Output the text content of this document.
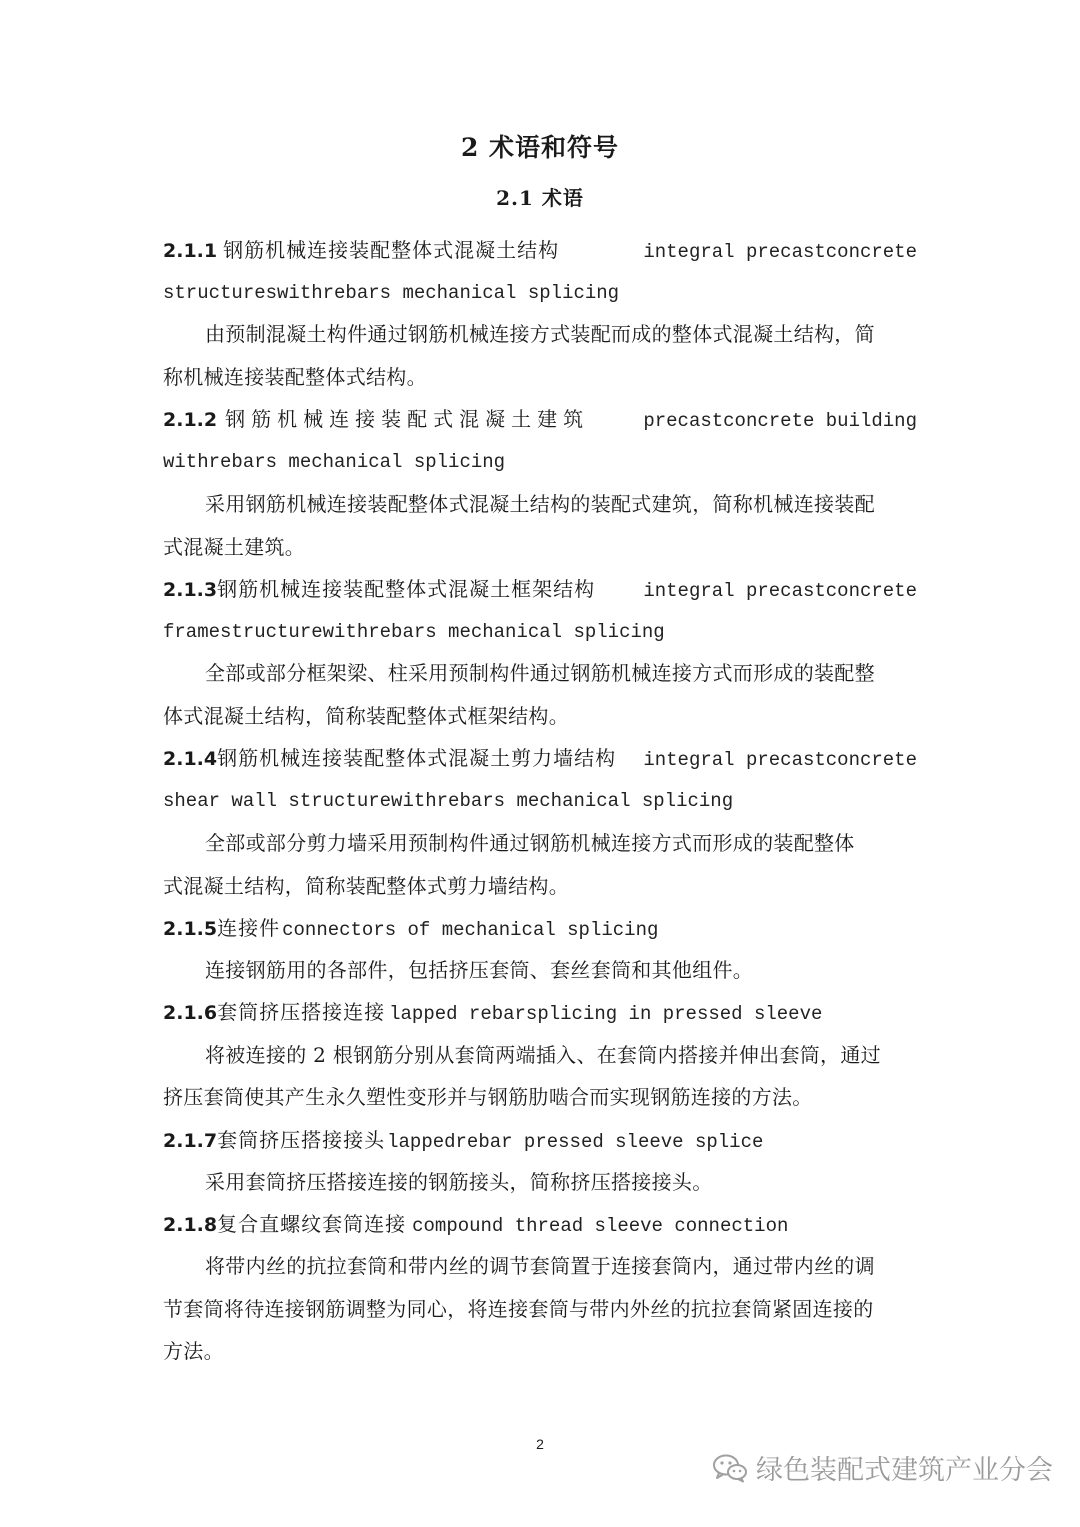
2 术语和符号
2.1 术语
2.1.1 钢筋机械连接装配整体式混凝土结构	integral precastconcrete
structureswithrebars mechanical splicing
由预制混凝土构件通过钢筋机械连接方式装配而成的整体式混凝土结构，简
称机械连接装配整体式结构。
2.1.2 钢筋机械连接装配式混凝土建筑	precastconcrete building
withrebars mechanical splicing
采用钢筋机械连接装配整体式混凝土结构的装配式建筑，简称机械连接装配
式混凝土建筑。
2.1.3钢筋机械连接装配整体式混凝土框架结构	integral precastconcrete
framestructurewithrebars mechanical splicing
全部或部分框架梁、柱采用预制构件通过钢筋机械连接方式而形成的装配整
体式混凝土结构，简称装配整体式框架结构。
2.1.4钢筋机械连接装配整体式混凝土剪力墙结构 integral precastconcrete
shear wall structurewithrebars mechanical splicing
全部或部分剪力墙采用预制构件通过钢筋机械连接方式而形成的装配整体
式混凝土结构，简称装配整体式剪力墙结构。
2.1.5 连接件 connectors of mechanical splicing
连接钢筋用的各部件，包括挤压套筒、套丝套筒和其他组件。
2.1.6 套筒挤压搭接连接 lapped rebarsplicing in pressed sleeve
将被连接的 2 根钢筋分别从套筒两端插入、在套筒内搭接并伸出套筒，通过
挤压套筒使其产生永久塑性变形并与钢筋肋啮合而实现钢筋连接的方法。
2.1.7 套筒挤压搭接接头 lappedrebar pressed sleeve splice
采用套筒挤压搭接连接的钢筋接头，简称挤压搭接接头。
2.1.8 复合直螺纹套筒连接 compound thread sleeve connection
将带内丝的抗拉套筒和带内丝的调节套筒置于连接套筒内，通过带内丝的调
节套筒将待连接钢筋调整为同心，将连接套筒与带内外丝的抗拉套筒紧固连接的
方法。
2
绿色装配式建筑产业分会
